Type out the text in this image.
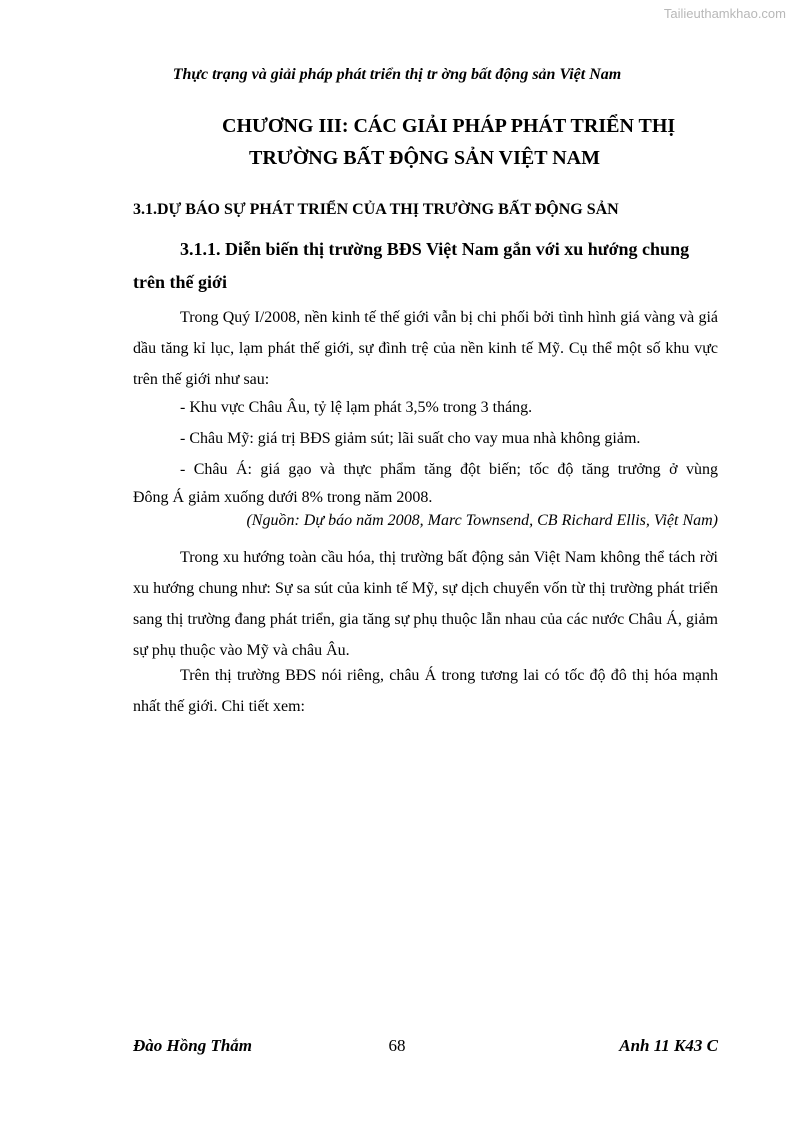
Tailieuthamkhao.com
Thực trạng và giải pháp phát triển thị tr ờng bất động sản Việt Nam
CHƯƠNG III: CÁC GIẢI PHÁP PHÁT TRIỂN THỊ
TRƯỜNG BẤT ĐỘNG SẢN VIỆT NAM
3.1.DỰ BÁO SỰ PHÁT TRIỂN CỦA THỊ TRƯỜNG BẤT ĐỘNG SẢN
3.1.1. Diễn biến thị trường BĐS Việt Nam gắn với xu hướng chung
trên thế giới

Trong Quý I/2008, nền kinh tế thế giới vẫn bị chi phối bởi tình hình giá vàng và giá dầu tăng kỉ lục, lạm phát thế giới, sự đình trệ của nền kinh tế Mỹ. Cụ thể một số khu vực trên thế giới như sau:

- Khu vực Châu Âu, tỷ lệ lạm phát 3,5% trong 3 tháng.

- Châu Mỹ: giá trị BĐS giảm sút; lãi suất cho vay mua nhà không giảm.

- Châu Á: giá gạo và thực phẩm tăng đột biến; tốc độ tăng trưởng ở vùng

Đông Á giảm xuống dưới 8% trong năm 2008.

(Nguồn: Dự báo năm 2008, Marc Townsend, CB Richard Ellis, Việt Nam)

Trong xu hướng toàn cầu hóa, thị trường bất động sản Việt Nam không thể tách rời xu hướng chung như: Sự sa sút của kinh tế Mỹ, sự dịch chuyển vốn từ thị trường phát triển sang thị trường đang phát triển, gia tăng sự phụ thuộc lẫn nhau của các nước Châu Á, giảm sự phụ thuộc vào Mỹ và châu Âu.

Trên thị trường BĐS nói riêng, châu Á trong tương lai có tốc độ đô thị hóa mạnh nhất thế giới. Chi tiết xem:

Đào Hồng Thắm	68	Anh 11 K43 C
